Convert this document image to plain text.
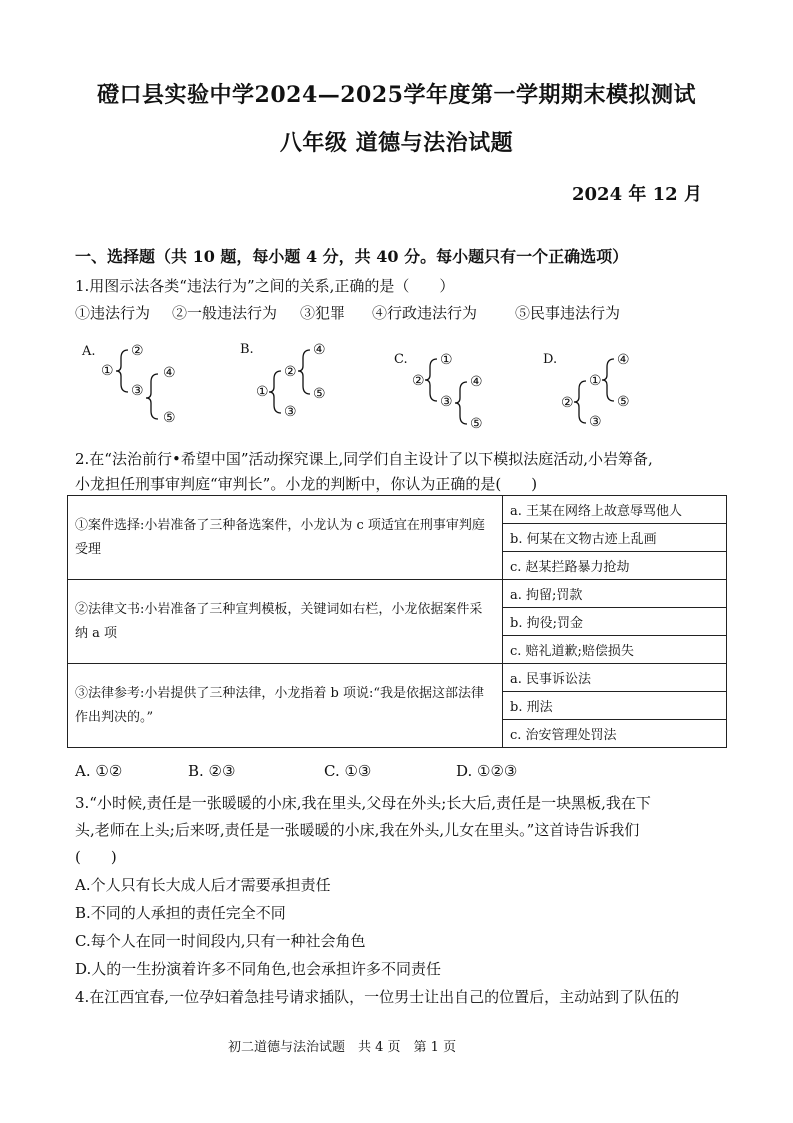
磴口县实验中学2024—2025学年度第一学期期末模拟测试
八年级 道德与法治试题
2024 年 12 月
一、选择题（共 10 题，每小题 4 分，共 40 分。每小题只有一个正确选项）
1.用图示法各类“违法行为”之间的关系,正确的是（　　）
①违法行为 ②一般违法行为 ③犯罪 ④行政违法行为	⑤民事违法行为
A.
①
②
③
④
⑤
B.
①
②
③
④
⑤
C.
②
①
③
④
⑤
D.
②
①
③
④
⑤
2.在“法治前行•希望中国”活动探究课上,同学们自主设计了以下模拟法庭活动,小岩筹备,
小龙担任刑事审判庭“审判长”。小龙的判断中，你认为正确的是(　　)
①案件选择:小岩准备了三种备选案件，小龙认为 c 项适宜在刑事审判庭受理	a. 王某在网络上故意辱骂他人
	b. 何某在文物古迹上乱画
	c. 赵某拦路暴力抢劫
②法律文书:小岩准备了三种宣判模板，关键词如右栏，小龙依据案件采纳 a 项	a. 拘留;罚款
	b. 拘役;罚金
	c. 赔礼道歉;赔偿损失
③法律参考:小岩提供了三种法律，小龙指着 b 项说:“我是依据这部法律作出判决的。”	a. 民事诉讼法
	b. 刑法
	c. 治安管理处罚法
A. ①②	B. ②③	C. ①③	D. ①②③
3.“小时候,责任是一张暖暖的小床,我在里头,父母在外头;长大后,责任是一块黑板,我在下
头,老师在上头;后来呀,责任是一张暖暖的小床,我在外头,儿女在里头。”这首诗告诉我们
(　　)
A.个人只有长大成人后才需要承担责任
B.不同的人承担的责任完全不同
C.每个人在同一时间段内,只有一种社会角色
D.人的一生扮演着许多不同角色,也会承担许多不同责任
4.在江西宜春,一位孕妇着急挂号请求插队，一位男士让出自己的位置后，主动站到了队伍的
初二道德与法治试题　共 4 页　第 1 页
